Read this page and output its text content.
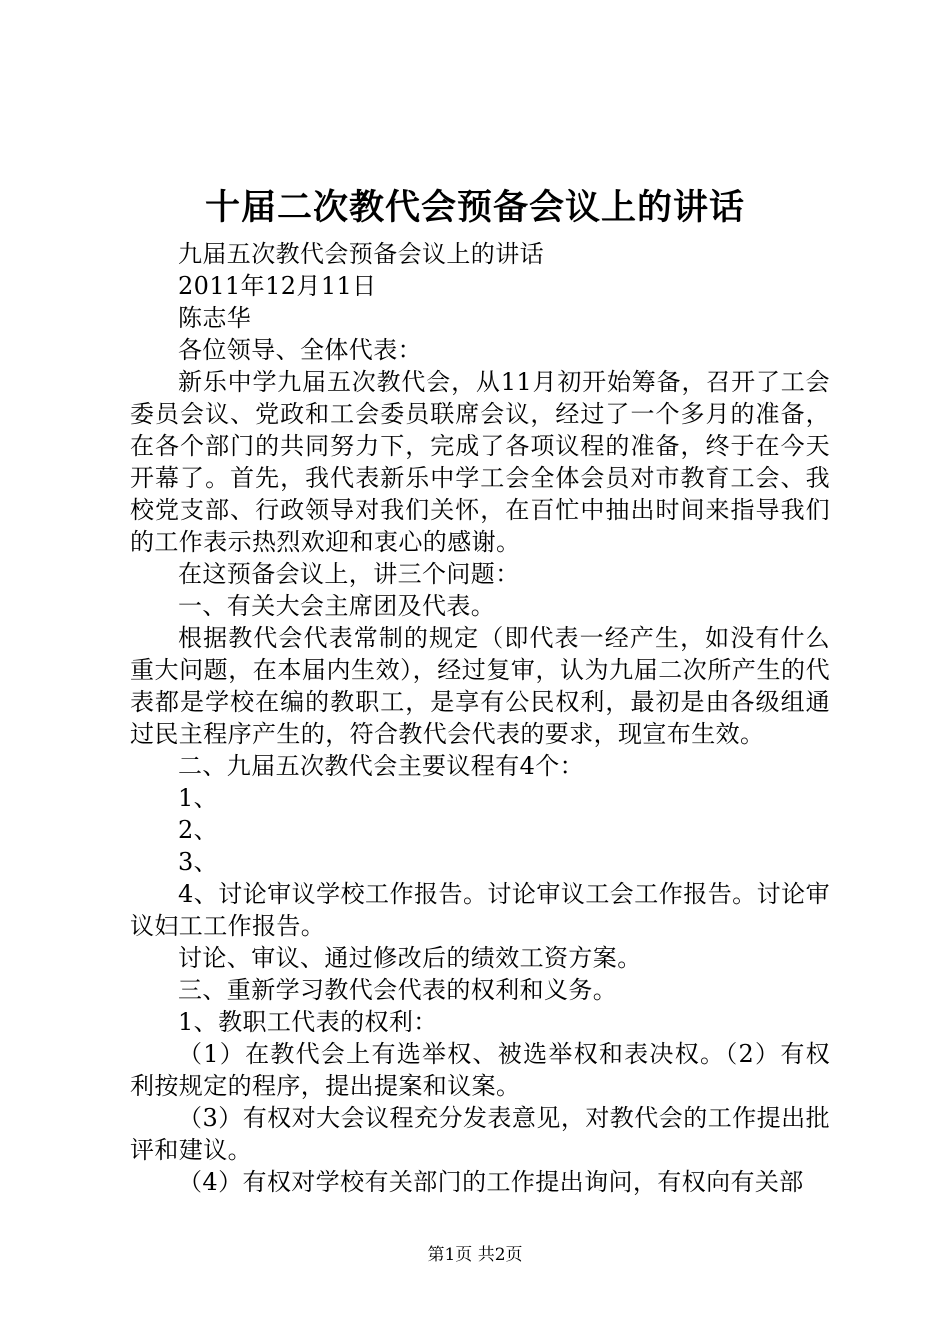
十届二次教代会预备会议上的讲话

九届五次教代会预备会议上的讲话

2011年12月11日

陈志华

各位领导、全体代表：

新乐中学九届五次教代会，从11月初开始筹备，召开了工会委员会议、党政和工会委员联席会议，经过了一个多月的准备，在各个部门的共同努力下，完成了各项议程的准备，终于在今天开幕了。首先，我代表新乐中学工会全体会员对市教育工会、我校党支部、行政领导对我们关怀，在百忙中抽出时间来指导我们的工作表示热烈欢迎和衷心的感谢。

在这预备会议上，讲三个问题：

一、有关大会主席团及代表。

根据教代会代表常制的规定（即代表一经产生，如没有什么重大问题，在本届内生效），经过复审，认为九届二次所产生的代表都是学校在编的教职工，是享有公民权利，最初是由各级组通过民主程序产生的，符合教代会代表的要求，现宣布生效。

二、九届五次教代会主要议程有4个：

1、

2、

3、

4、讨论审议学校工作报告。讨论审议工会工作报告。讨论审议妇工工作报告。

讨论、审议、通过修改后的绩效工资方案。

三、重新学习教代会代表的权利和义务。

1、教职工代表的权利：

（1）在教代会上有选举权、被选举权和表决权。（2）有权利按规定的程序，提出提案和议案。

（3）有权对大会议程充分发表意见，对教代会的工作提出批评和建议。

（4）有权对学校有关部门的工作提出询问，有权向有关部

第1页 共2页
